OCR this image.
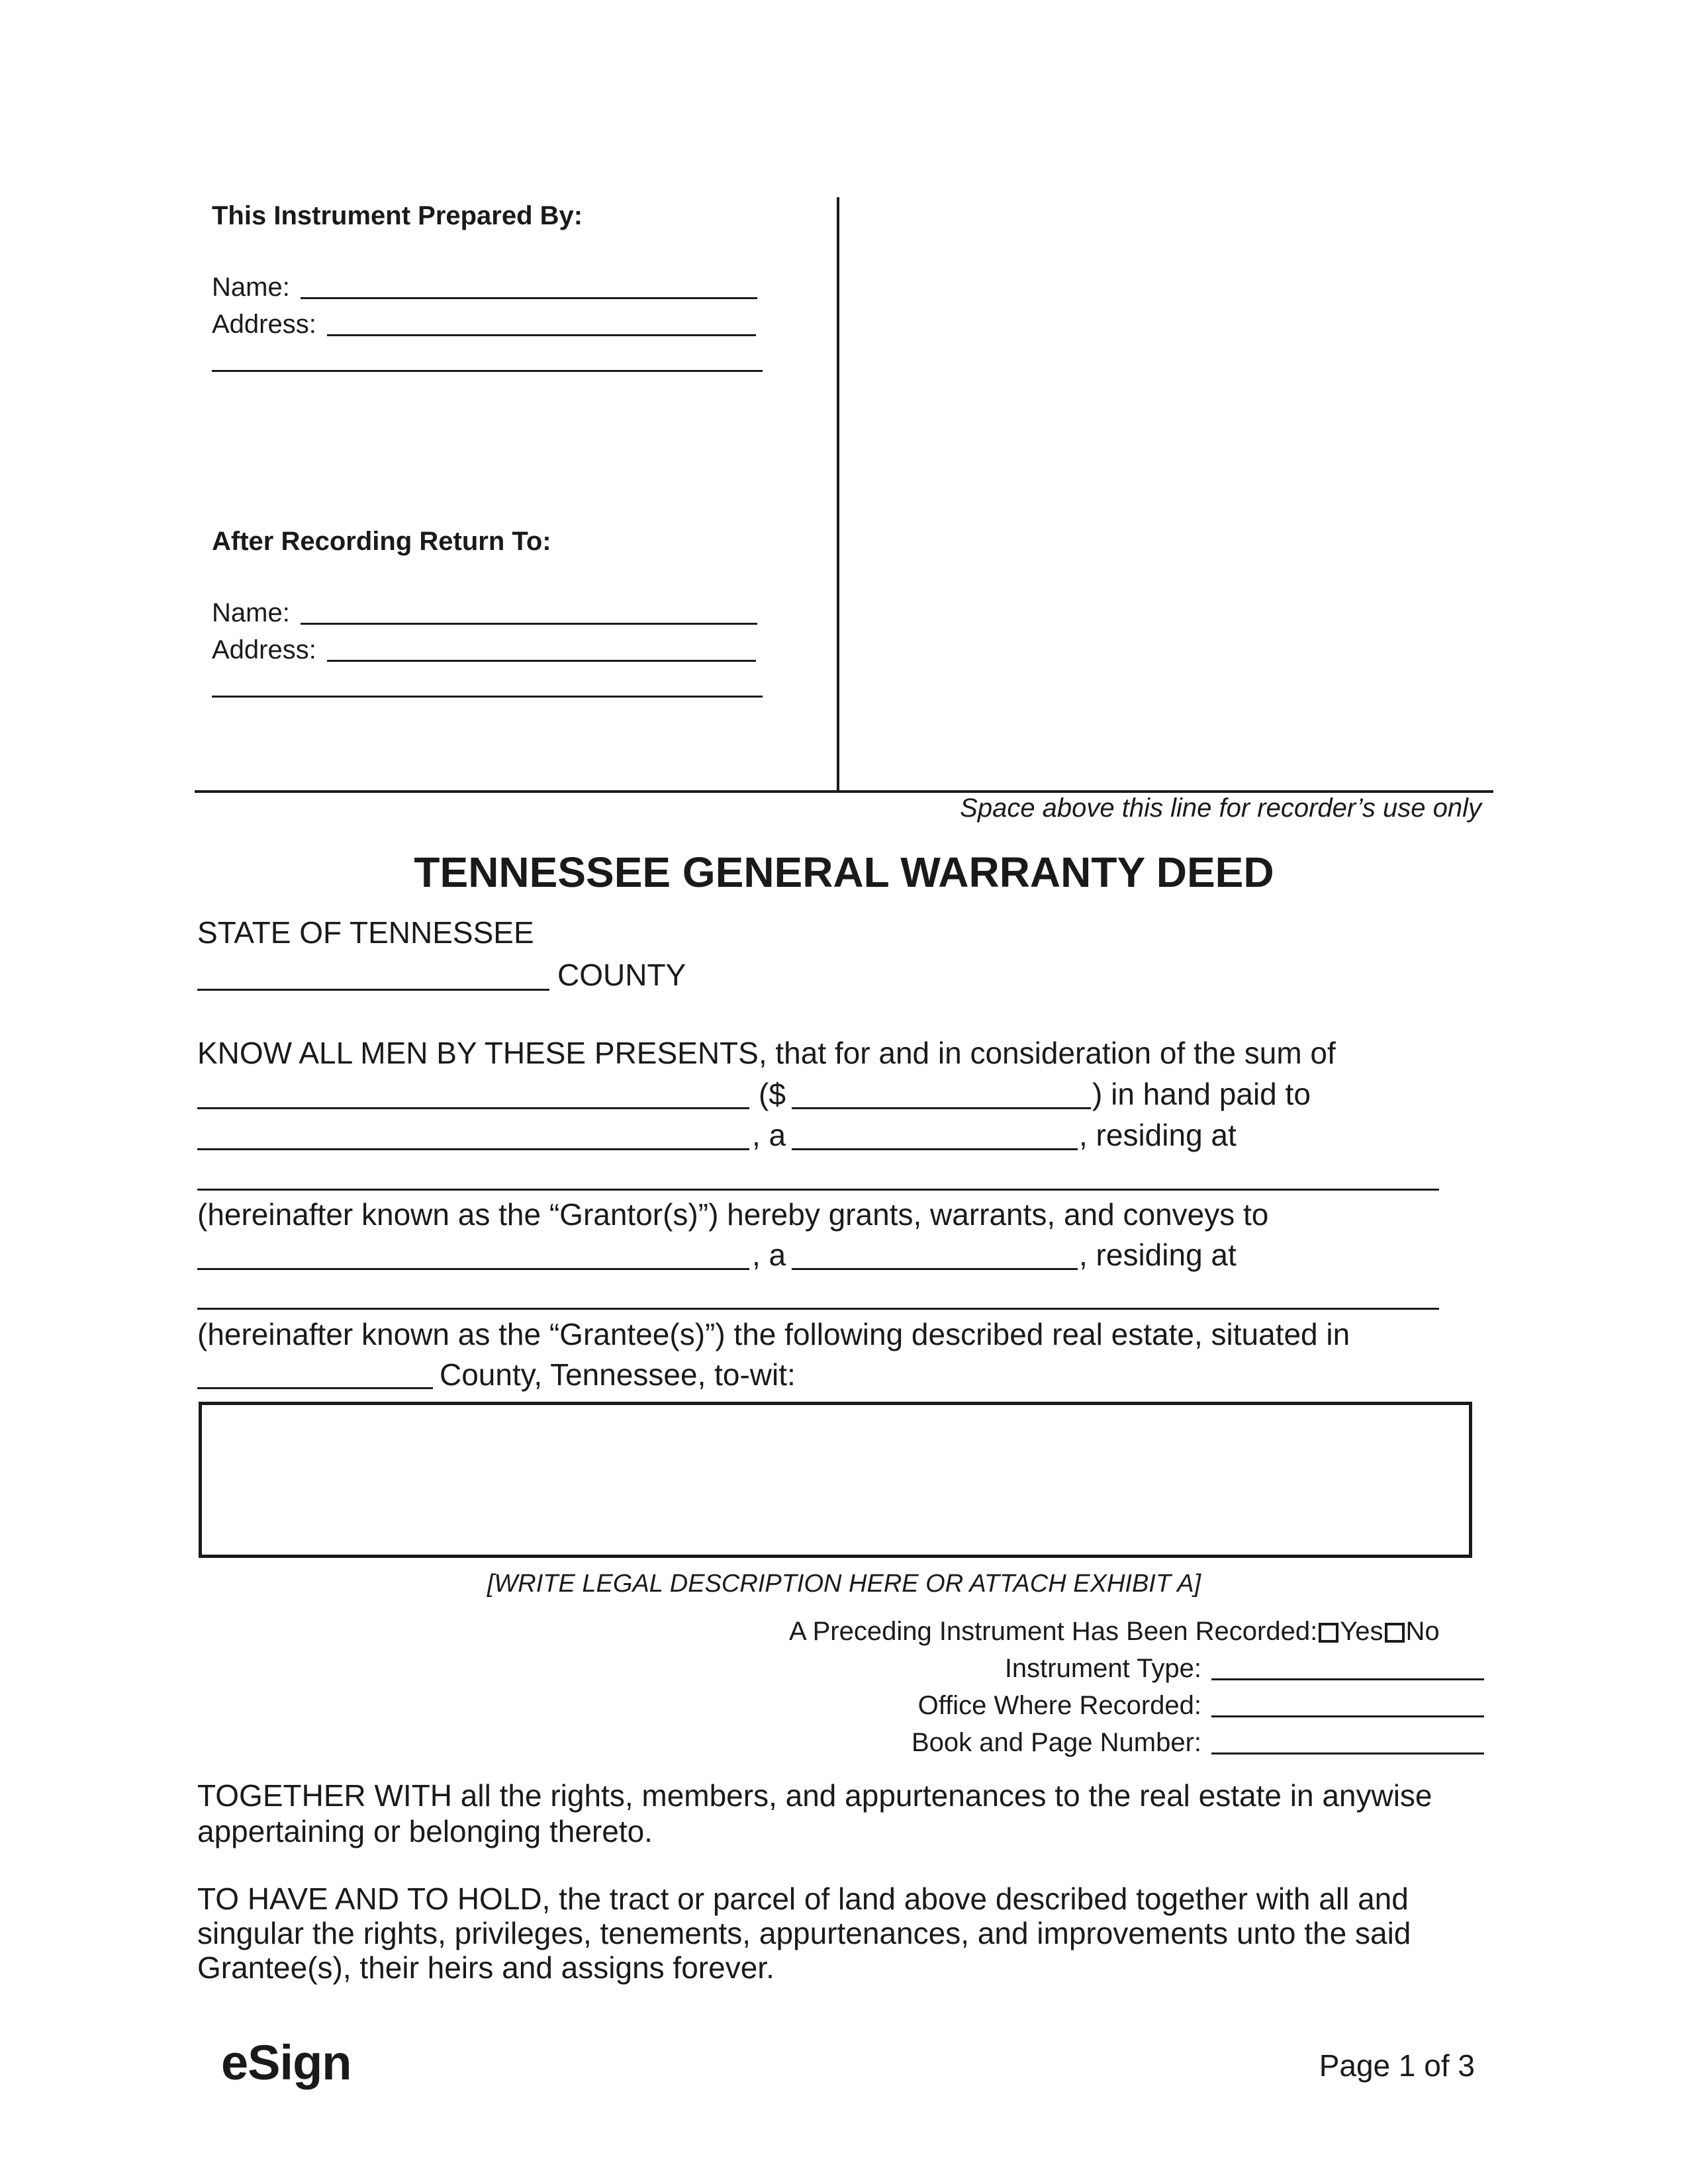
This Instrument Prepared By:
Name:
Address:
After Recording Return To:
Name:
Address:
Space above this line for recorder’s use only
TENNESSEE GENERAL WARRANTY DEED
STATE OF TENNESSEE
COUNTY
KNOW ALL MEN BY THESE PRESENTS, that for and in consideration of the sum of
($	) in hand paid to
, a	, residing at
(hereinafter known as the “Grantor(s)”) hereby grants, warrants, and conveys to
, a	, residing at
(hereinafter known as the “Grantee(s)”) the following described real estate, situated in
County, Tennessee, to-wit:
[WRITE LEGAL DESCRIPTION HERE OR ATTACH EXHIBIT A]
A Preceding Instrument Has Been Recorded: Yes No
Instrument Type:
Office Where Recorded:
Book and Page Number:
TOGETHER WITH all the rights, members, and appurtenances to the real estate in anywise
appertaining or belonging thereto.
TO HAVE AND TO HOLD, the tract or parcel of land above described together with all and
singular the rights, privileges, tenements, appurtenances, and improvements unto the said
Grantee(s), their heirs and assigns forever.
eSign	Page 1 of 3
